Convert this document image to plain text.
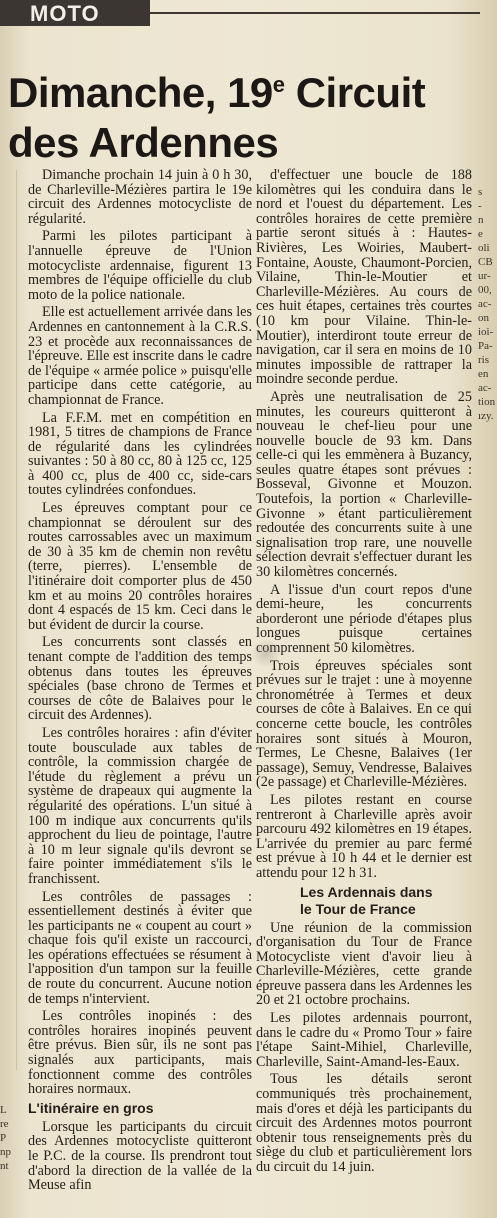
MOTO
Dimanche, 19e Circuit des Ardennes

Dimanche prochain 14 juin à 0 h 30, de Charleville-Mézières partira le 19e circuit des Ardennes motocycliste de régularité.

Parmi les pilotes participant à l'annuelle épreuve de l'Union motocycliste ardennaise, figurent 13 membres de l'équipe officielle du club moto de la police nationale.

Elle est actuellement arrivée dans les Ardennes en cantonnement à la C.R.S. 23 et procède aux reconnaissances de l'épreuve. Elle est inscrite dans le cadre de l'équipe « armée police » puisqu'elle participe dans cette catégorie, au championnat de France.

La F.F.M. met en compétition en 1981, 5 titres de champions de France de régularité dans les cylindrées suivantes : 50 à 80 cc, 80 à 125 cc, 125 à 400 cc, plus de 400 cc, side-cars toutes cylindrées confondues.

Les épreuves comptant pour ce championnat se déroulent sur des routes carrossables avec un maximum de 30 à 35 km de chemin non revêtu (terre, pierres). L'ensemble de l'itinéraire doit comporter plus de 450 km et au moins 20 contrôles horaires dont 4 espacés de 15 km. Ceci dans le but évident de durcir la course.

Les concurrents sont classés en tenant compte de l'addition des temps obtenus dans toutes les épreuves spéciales (base chrono de Termes et courses de côte de Balaives pour le circuit des Ardennes).

Les contrôles horaires : afin d'éviter toute bousculade aux tables de contrôle, la commission chargée de l'étude du règlement a prévu un système de drapeaux qui augmente la régularité des opérations. L'un situé à 100 m indique aux concurrents qu'ils approchent du lieu de pointage, l'autre à 10 m leur signale qu'ils devront se faire pointer immédiatement s'ils le franchissent.

Les contrôles de passages : essentiellement destinés à éviter que les participants ne « coupent au court » chaque fois qu'il existe un raccourci, les opérations effectuées se résument à l'apposition d'un tampon sur la feuille de route du concurrent. Aucune notion de temps n'intervient.

Les contrôles inopinés : des contrôles horaires inopinés peuvent être prévus. Bien sûr, ils ne sont pas signalés aux participants, mais fonctionnent comme des contrôles horaires normaux.

L'itinéraire en gros

Lorsque les participants du circuit des Ardennes motocycliste quitteront le P.C. de la course. Ils prendront tout d'abord la direction de la vallée de la Meuse afin

d'effectuer une boucle de 188 kilomètres qui les conduira dans le nord et l'ouest du département. Les contrôles horaires de cette première partie seront situés à : Hautes-Rivières, Les Woiries, Maubert-Fontaine, Aouste, Chaumont-Porcien, Vilaine, Thin-le-Moutier et Charleville-Mézières. Au cours de ces huit étapes, certaines très courtes (10 km pour Vilaine. Thin-le-Moutier), interdiront toute erreur de navigation, car il sera en moins de 10 minutes impossible de rattraper la moindre seconde perdue.

Après une neutralisation de 25 minutes, les coureurs quitteront à nouveau le chef-lieu pour une nouvelle boucle de 93 km. Dans celle-ci qui les emmènera à Buzancy, seules quatre étapes sont prévues : Bosseval, Givonne et Mouzon. Toutefois, la portion « Charleville-Givonne » étant particulièrement redoutée des concurrents suite à une signalisation trop rare, une nouvelle sélection devrait s'effectuer durant les 30 kilomètres concernés.

A l'issue d'un court repos d'une demi-heure, les concurrents aborderont une période d'étapes plus longues puisque certaines comprennent 50 kilomètres.

Trois épreuves spéciales sont prévues sur le trajet : une à moyenne chronométrée à Termes et deux courses de côte à Balaives. En ce qui concerne cette boucle, les contrôles horaires sont situés à Mouron, Termes, Le Chesne, Balaives (1er passage), Semuy, Vendresse, Balaives (2e passage) et Charleville-Mézières.

Les pilotes restant en course rentreront à Charleville après avoir parcouru 492 kilomètres en 19 étapes. L'arrivée du premier au parc fermé est prévue à 10 h 44 et le dernier est attendu pour 12 h 31.

Les Ardennais dans
le Tour de France

Une réunion de la commission d'organisation du Tour de France Motocycliste vient d'avoir lieu à Charleville-Mézières, cette grande épreuve passera dans les Ardennes les 20 et 21 octobre prochains.

Les pilotes ardennais pourront, dans le cadre du « Promo Tour » faire l'étape Saint-Mihiel, Charleville, Charleville, Saint-Amand-les-Eaux.

Tous les détails seront communiqués très prochainement, mais d'ores et déjà les participants du circuit des Ardennes motos pourront obtenir tous renseignements près du siège du club et particulièrement lors du circuit du 14 juin.

s
-
n
e
oli
CB
ur-
00,
ac-
on
ioi-
Pa-
ris
en
ac-
tion
ızy.
L
re
P
np
nt
